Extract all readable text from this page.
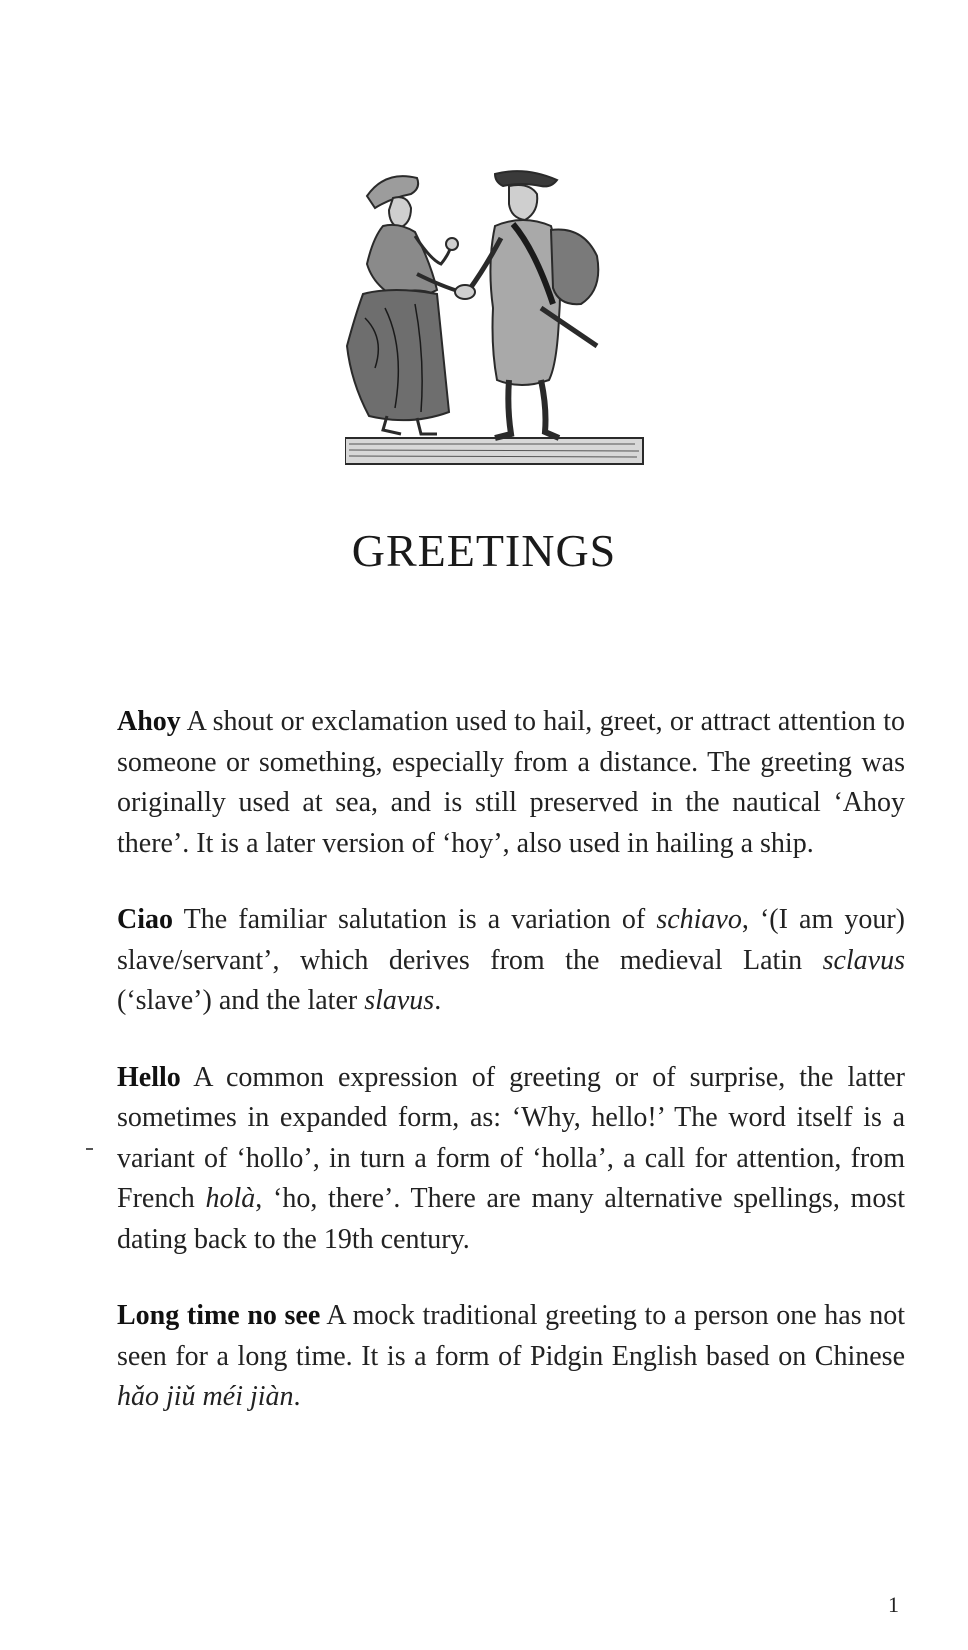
GREETINGS

Ahoy A shout or exclamation used to hail, greet, or attract attention to someone or something, especially from a distance. The greeting was originally used at sea, and is still preserved in the nautical ‘Ahoy there’. It is a later version of ‘hoy’, also used in hailing a ship.

Ciao The familiar salutation is a variation of schiavo, ‘(I am your) slave/servant’, which derives from the medieval Latin sclavus (‘slave’) and the later slavus.

Hello A common expression of greeting or of surprise, the latter sometimes in expanded form, as: ‘Why, hello!’ The word itself is a variant of ‘hollo’, in turn a form of ‘holla’, a call for attention, from French holà, ‘ho, there’. There are many alternative spellings, most dating back to the 19th century.

Long time no see A mock traditional greeting to a person one has not seen for a long time. It is a form of Pidgin English based on Chinese hǎo jiǔ méi jiàn.

1
